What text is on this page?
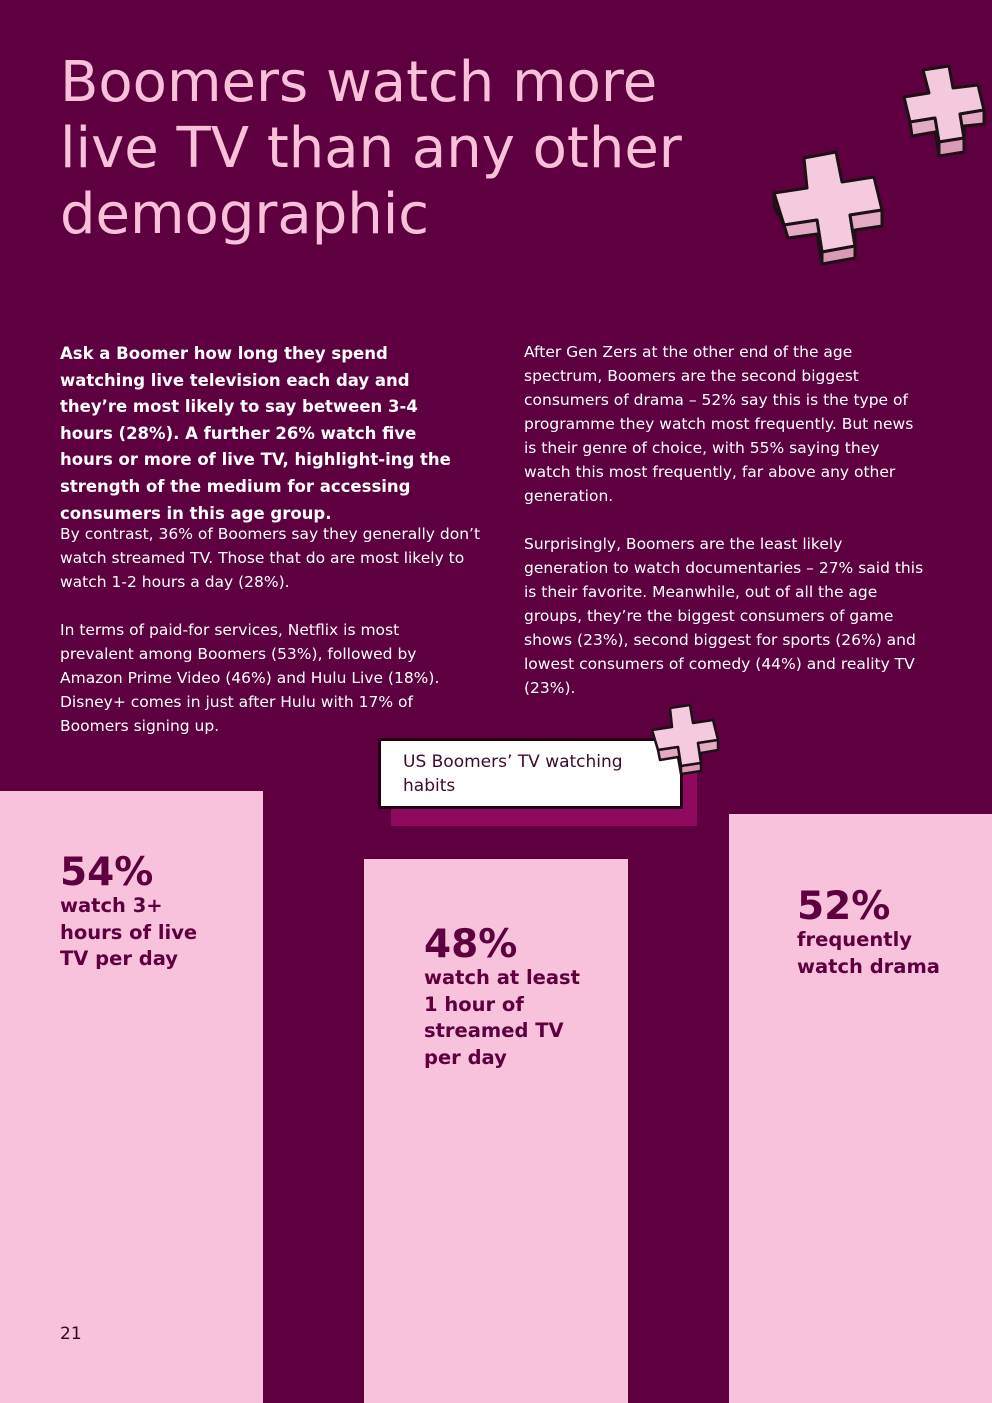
Boomers watch more live TV than any other demographic

Ask a Boomer how long they spend watching live television each day and they’re most likely to say between 3-4 hours (28%). A further 26% watch five hours or more of live TV, highlight-ing the strength of the medium for accessing consumers in this age group.

By contrast, 36% of Boomers say they generally don’t watch streamed TV. Those that do are most likely to watch 1-2 hours a day (28%).

In terms of paid-for services, Netflix is most prevalent among Boomers (53%), followed by Amazon Prime Video (46%) and Hulu Live (18%). Disney+ comes in just after Hulu with 17% of Boomers signing up.

After Gen Zers at the other end of the age spectrum, Boomers are the second biggest consumers of drama – 52% say this is the type of programme they watch most frequently. But news is their genre of choice, with 55% saying they watch this most frequently, far above any other generation.

Surprisingly, Boomers are the least likely generation to watch documentaries – 27% said this is their favorite. Meanwhile, out of all the age groups, they’re the biggest consumers of game shows (23%), second biggest for sports (26%) and lowest consumers of comedy (44%) and reality TV (23%).

US Boomers’ TV watching habits
54%
watch 3+ hours of live TV per day	48%
watch at least 1 hour of streamed TV per day
52%
frequently watch drama
21
